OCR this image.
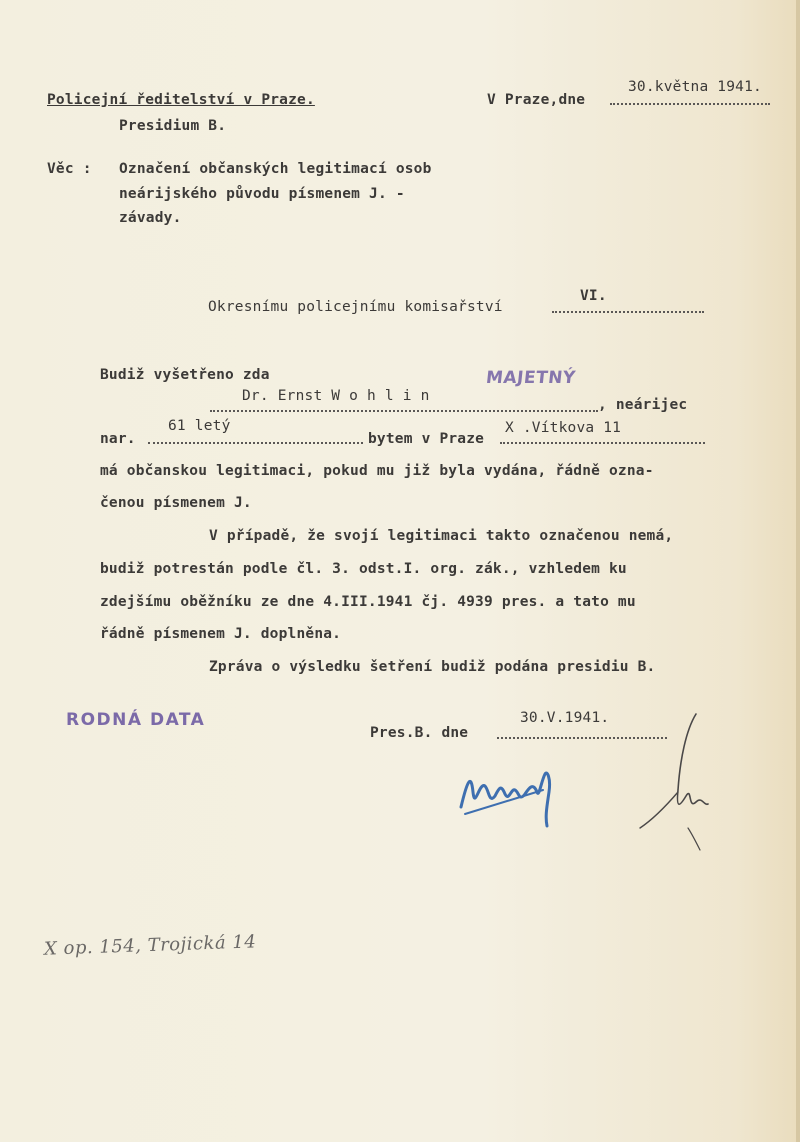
Policejní ředitelství v Praze.
Presidium B.
V Praze,dne
30.května 1941.
Věc : Označení občanských legitimací osob
neárijského původu písmenem J. -
závady.
Okresnímu policejnímu komisařství
VI.
Budiž vyšetřeno zda	MAJETNÝ
Dr. Ernst W o h l i n
, neárijec
nar.
61 letý
bytem v Praze
X .Vítkova 11
má občanskou legitimaci, pokud mu již byla vydána, řádně ozna-
čenou písmenem J.
V případě, že svojí legitimaci takto označenou nemá,
budiž potrestán podle čl. 3. odst.I. org. zák., vzhledem ku
zdejšímu oběžníku ze dne 4.III.1941 čj. 4939 pres. a tato mu
řádně písmenem J. doplněna.
Zpráva o výsledku šetření budiž podána presidiu B.
RODNÁ DATA
Pres.B. dne
30.V.1941.
X op. 154, Trojická 14
